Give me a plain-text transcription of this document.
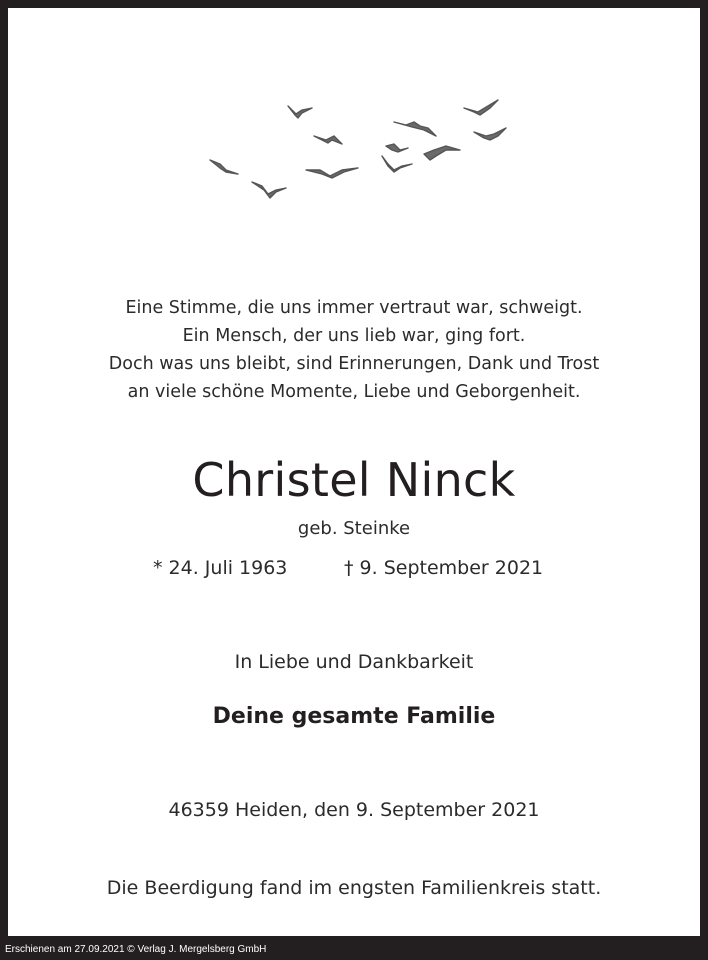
Eine Stimme, die uns immer vertraut war, schweigt.
Ein Mensch, der uns lieb war, ging fort.
Doch was uns bleibt, sind Erinnerungen, Dank und Trost
an viele schöne Momente, Liebe und Geborgenheit.
Christel Ninck
geb. Steinke
* 24. Juli 1963	† 9. September 2021
In Liebe und Dankbarkeit
Deine gesamte Familie
46359 Heiden, den 9. September 2021
Die Beerdigung fand im engsten Familienkreis statt.
Erschienen am 27.09.2021 © Verlag J. Mergelsberg GmbH
